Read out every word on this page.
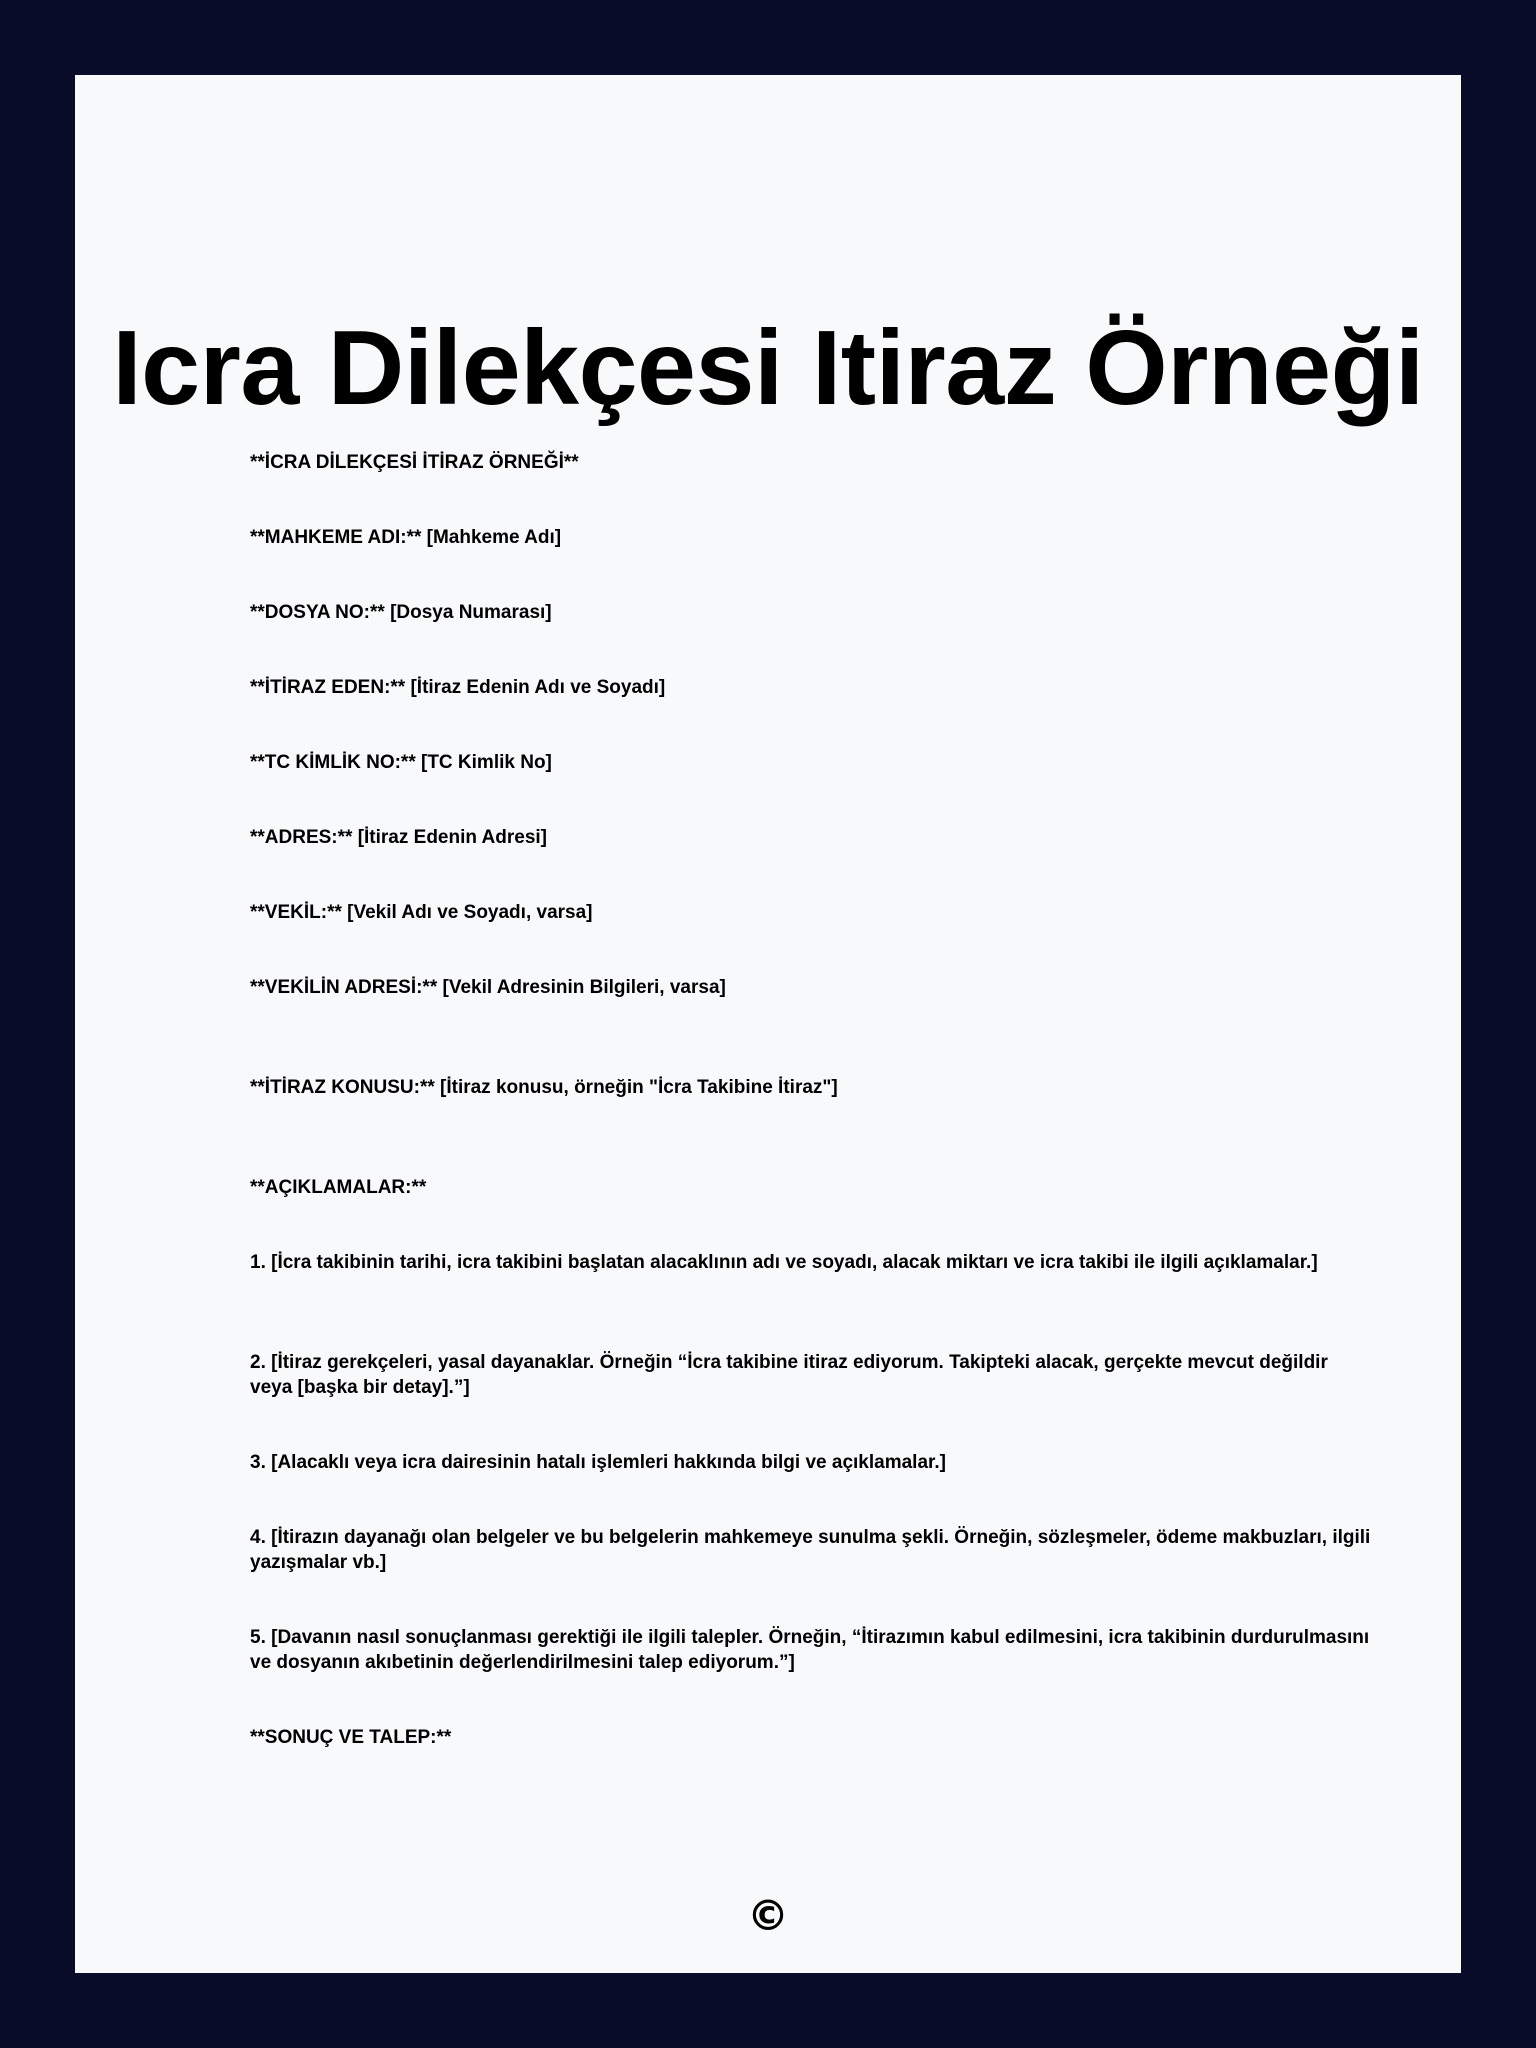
Icra Dilekçesi Itiraz Örneği
**İCRA DİLEKÇESİ İTİRAZ ÖRNEĞİ**
**MAHKEME ADI:** [Mahkeme Adı]
**DOSYA NO:** [Dosya Numarası]
**İTİRAZ EDEN:** [İtiraz Edenin Adı ve Soyadı]
**TC KİMLİK NO:** [TC Kimlik No]
**ADRES:** [İtiraz Edenin Adresi]
**VEKİL:** [Vekil Adı ve Soyadı, varsa]
**VEKİLİN ADRESİ:** [Vekil Adresinin Bilgileri, varsa]
**İTİRAZ KONUSU:** [İtiraz konusu, örneğin "İcra Takibine İtiraz"]
**AÇIKLAMALAR:**
1. [İcra takibinin tarihi, icra takibini başlatan alacaklının adı ve soyadı, alacak miktarı ve icra takibi ile ilgili açıklamalar.]
2. [İtiraz gerekçeleri, yasal dayanaklar. Örneğin “İcra takibine itiraz ediyorum. Takipteki alacak, gerçekte mevcut değildir veya [başka bir detay].”]
3. [Alacaklı veya icra dairesinin hatalı işlemleri hakkında bilgi ve açıklamalar.]
4. [İtirazın dayanağı olan belgeler ve bu belgelerin mahkemeye sunulma şekli. Örneğin, sözleşmeler, ödeme makbuzları, ilgili yazışmalar vb.]
5. [Davanın nasıl sonuçlanması gerektiği ile ilgili talepler. Örneğin, “İtirazımın kabul edilmesini, icra takibinin durdurulmasını ve dosyanın akıbetinin değerlendirilmesini talep ediyorum.”]
**SONUÇ VE TALEP:**
©
